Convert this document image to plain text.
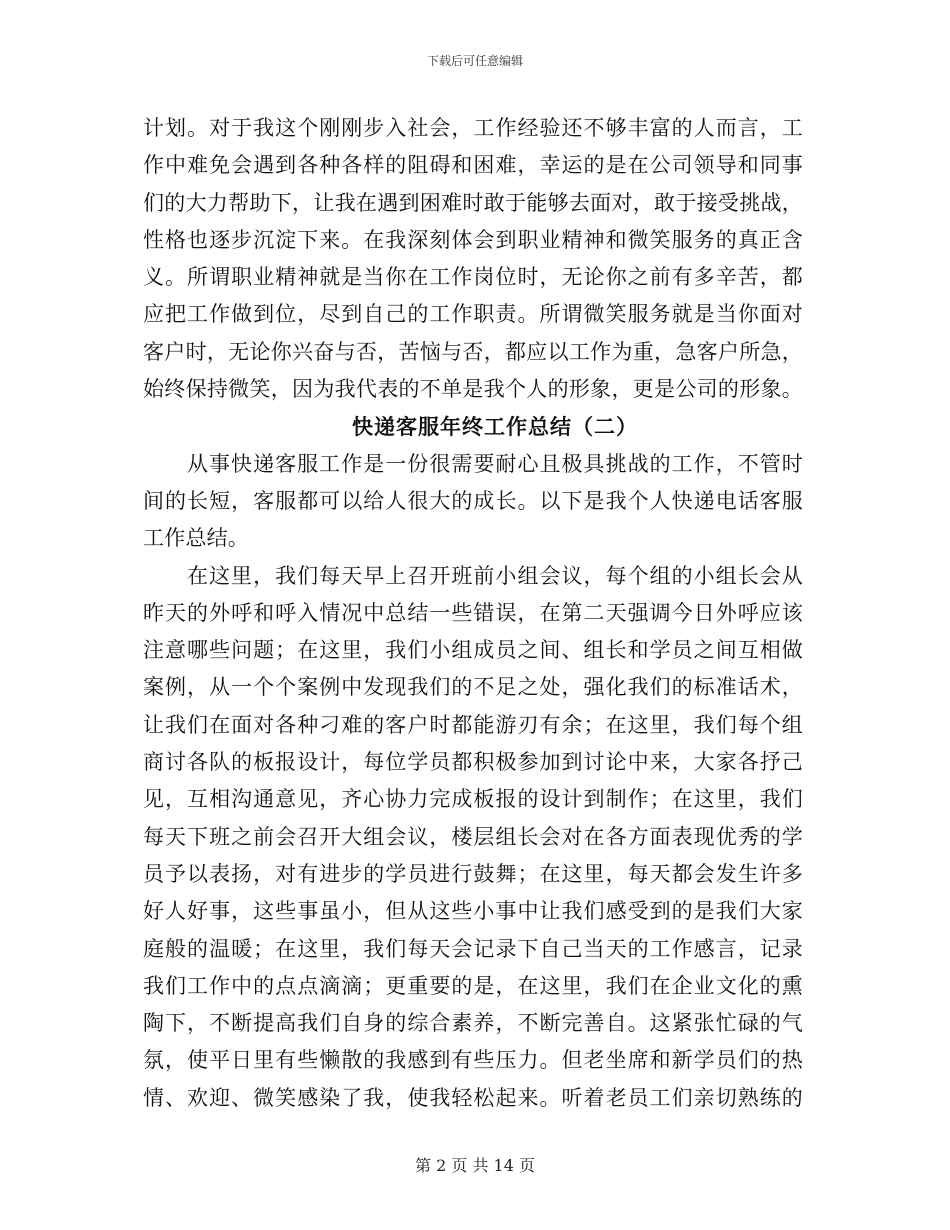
下载后可任意编辑
计划。对于我这个刚刚步入社会，工作经验还不够丰富的人而言，工
作中难免会遇到各种各样的阻碍和困难，幸运的是在公司领导和同事
们的大力帮助下，让我在遇到困难时敢于能够去面对，敢于接受挑战，
性格也逐步沉淀下来。在我深刻体会到职业精神和微笑服务的真正含
义。所谓职业精神就是当你在工作岗位时，无论你之前有多辛苦，都
应把工作做到位，尽到自己的工作职责。所谓微笑服务就是当你面对
客户时，无论你兴奋与否，苦恼与否，都应以工作为重，急客户所急，
始终保持微笑，因为我代表的不单是我个人的形象，更是公司的形象。
快递客服年终工作总结（二）
从事快递客服工作是一份很需要耐心且极具挑战的工作，不管时
间的长短，客服都可以给人很大的成长。以下是我个人快递电话客服
工作总结。
在这里，我们每天早上召开班前小组会议，每个组的小组长会从
昨天的外呼和呼入情况中总结一些错误，在第二天强调今日外呼应该
注意哪些问题；在这里，我们小组成员之间、组长和学员之间互相做
案例，从一个个案例中发现我们的不足之处，强化我们的标准话术，
让我们在面对各种刁难的客户时都能游刃有余；在这里，我们每个组
商讨各队的板报设计，每位学员都积极参加到讨论中来，大家各抒己
见，互相沟通意见，齐心协力完成板报的设计到制作；在这里，我们
每天下班之前会召开大组会议，楼层组长会对在各方面表现优秀的学
员予以表扬，对有进步的学员进行鼓舞；在这里，每天都会发生许多
好人好事，这些事虽小，但从这些小事中让我们感受到的是我们大家
庭般的温暖；在这里，我们每天会记录下自己当天的工作感言，记录
我们工作中的点点滴滴；更重要的是，在这里，我们在企业文化的熏
陶下，不断提高我们自身的综合素养，不断完善自。这紧张忙碌的气
氛，使平日里有些懒散的我感到有些压力。但老坐席和新学员们的热
情、欢迎、微笑感染了我，使我轻松起来。听着老员工们亲切熟练的
第 2 页 共 14 页
